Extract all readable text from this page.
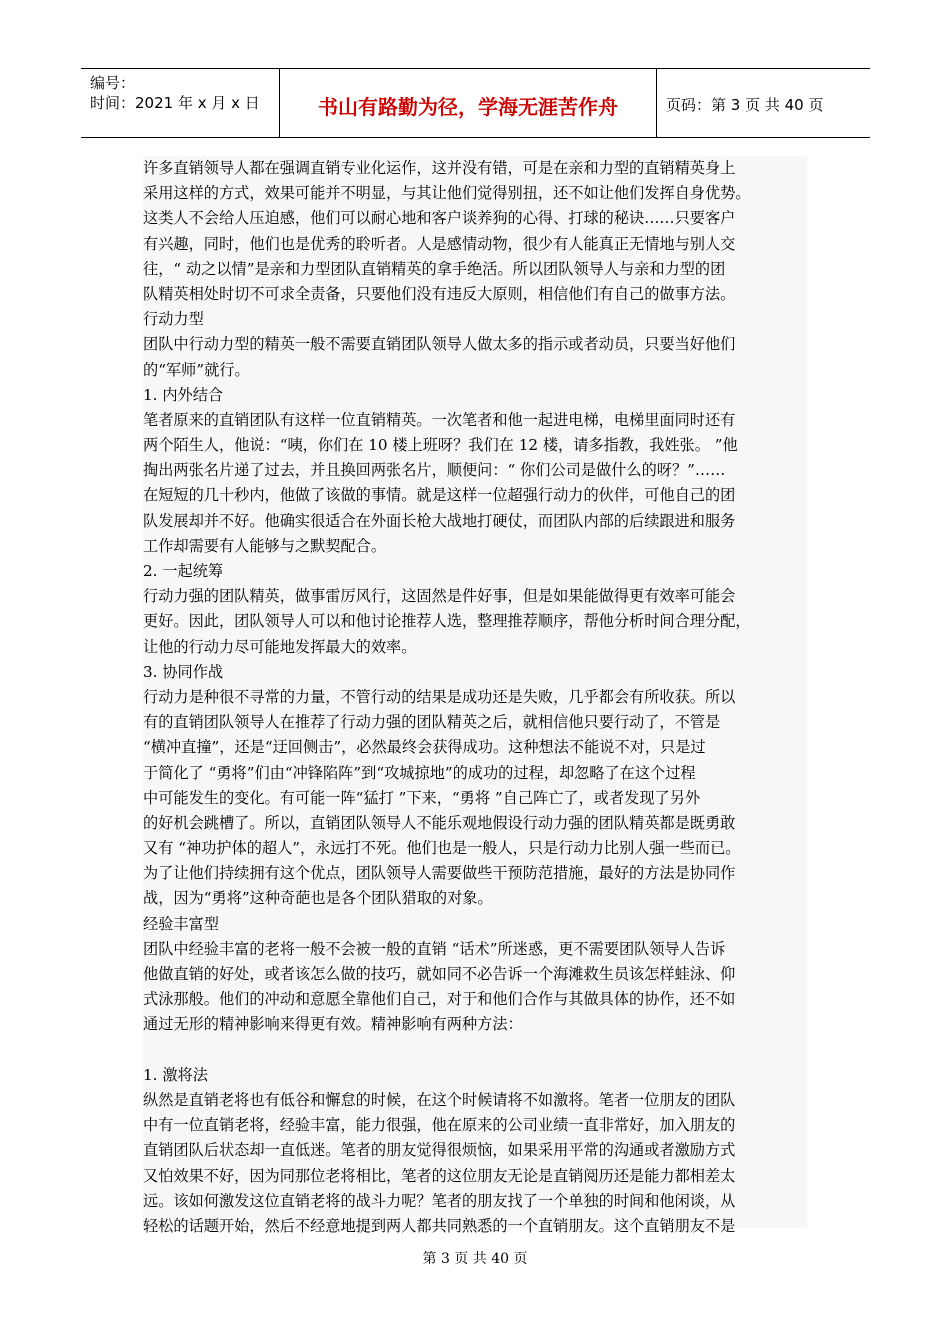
编号：
时间：2021 年 x 月 x 日	书山有路勤为径，学海无涯苦作舟	页码：第 3 页 共 40 页
许多直销领导人都在强调直销专业化运作，这并没有错，可是在亲和力型的直销精英身上
采用这样的方式，效果可能并不明显，与其让他们觉得别扭，还不如让他们发挥自身优势。
这类人不会给人压迫感，他们可以耐心地和客户谈养狗的心得、打球的秘诀……只要客户
有兴趣，同时，他们也是优秀的聆听者。人是感情动物，很少有人能真正无情地与别人交
往，“ 动之以情”是亲和力型团队直销精英的拿手绝活。所以团队领导人与亲和力型的团
队精英相处时切不可求全责备，只要他们没有违反大原则，相信他们有自己的做事方法。
行动力型
团队中行动力型的精英一般不需要直销团队领导人做太多的指示或者动员，只要当好他们
的“军师”就行。
1. 内外结合
笔者原来的直销团队有这样一位直销精英。一次笔者和他一起进电梯，电梯里面同时还有
两个陌生人，他说：“咦，你们在 10 楼上班呀？我们在 12 楼，请多指教，我姓张。 ”他
掏出两张名片递了过去，并且换回两张名片，顺便问：“ 你们公司是做什么的呀？”……
在短短的几十秒内，他做了该做的事情。就是这样一位超强行动力的伙伴，可他自己的团
队发展却并不好。他确实很适合在外面长枪大战地打硬仗，而团队内部的后续跟进和服务
工作却需要有人能够与之默契配合。
2. 一起统筹
行动力强的团队精英，做事雷厉风行，这固然是件好事，但是如果能做得更有效率可能会
更好。因此，团队领导人可以和他讨论推荐人选，整理推荐顺序，帮他分析时间合理分配，
让他的行动力尽可能地发挥最大的效率。
3. 协同作战
行动力是种很不寻常的力量，不管行动的结果是成功还是失败，几乎都会有所收获。所以
有的直销团队领导人在推荐了行动力强的团队精英之后，就相信他只要行动了，不管是
“横冲直撞”，还是“迂回侧击”，必然最终会获得成功。这种想法不能说不对，只是过
于简化了 “勇将”们由“冲锋陷阵”到“攻城掠地”的成功的过程，却忽略了在这个过程
中可能发生的变化。有可能一阵“猛打 ”下来，“勇将 ”自己阵亡了，或者发现了另外
的好机会跳槽了。所以，直销团队领导人不能乐观地假设行动力强的团队精英都是既勇敢
又有 “神功护体的超人”，永远打不死。他们也是一般人，只是行动力比别人强一些而已。
为了让他们持续拥有这个优点，团队领导人需要做些干预防范措施，最好的方法是协同作
战，因为“勇将”这种奇葩也是各个团队猎取的对象。
经验丰富型
团队中经验丰富的老将一般不会被一般的直销 “话术”所迷惑，更不需要团队领导人告诉
他做直销的好处，或者该怎么做的技巧，就如同不必告诉一个海滩救生员该怎样蛙泳、仰
式泳那般。他们的冲动和意愿全靠他们自己，对于和他们合作与其做具体的协作，还不如
通过无形的精神影响来得更有效。精神影响有两种方法：
1. 激将法
纵然是直销老将也有低谷和懈怠的时候，在这个时候请将不如激将。笔者一位朋友的团队
中有一位直销老将，经验丰富，能力很强，他在原来的公司业绩一直非常好，加入朋友的
直销团队后状态却一直低迷。笔者的朋友觉得很烦恼，如果采用平常的沟通或者激励方式
又怕效果不好，因为同那位老将相比，笔者的这位朋友无论是直销阅历还是能力都相差太
远。该如何激发这位直销老将的战斗力呢？笔者的朋友找了一个单独的时间和他闲谈，从
轻松的话题开始，然后不经意地提到两人都共同熟悉的一个直销朋友。这个直销朋友不是
第 3 页 共 40 页
